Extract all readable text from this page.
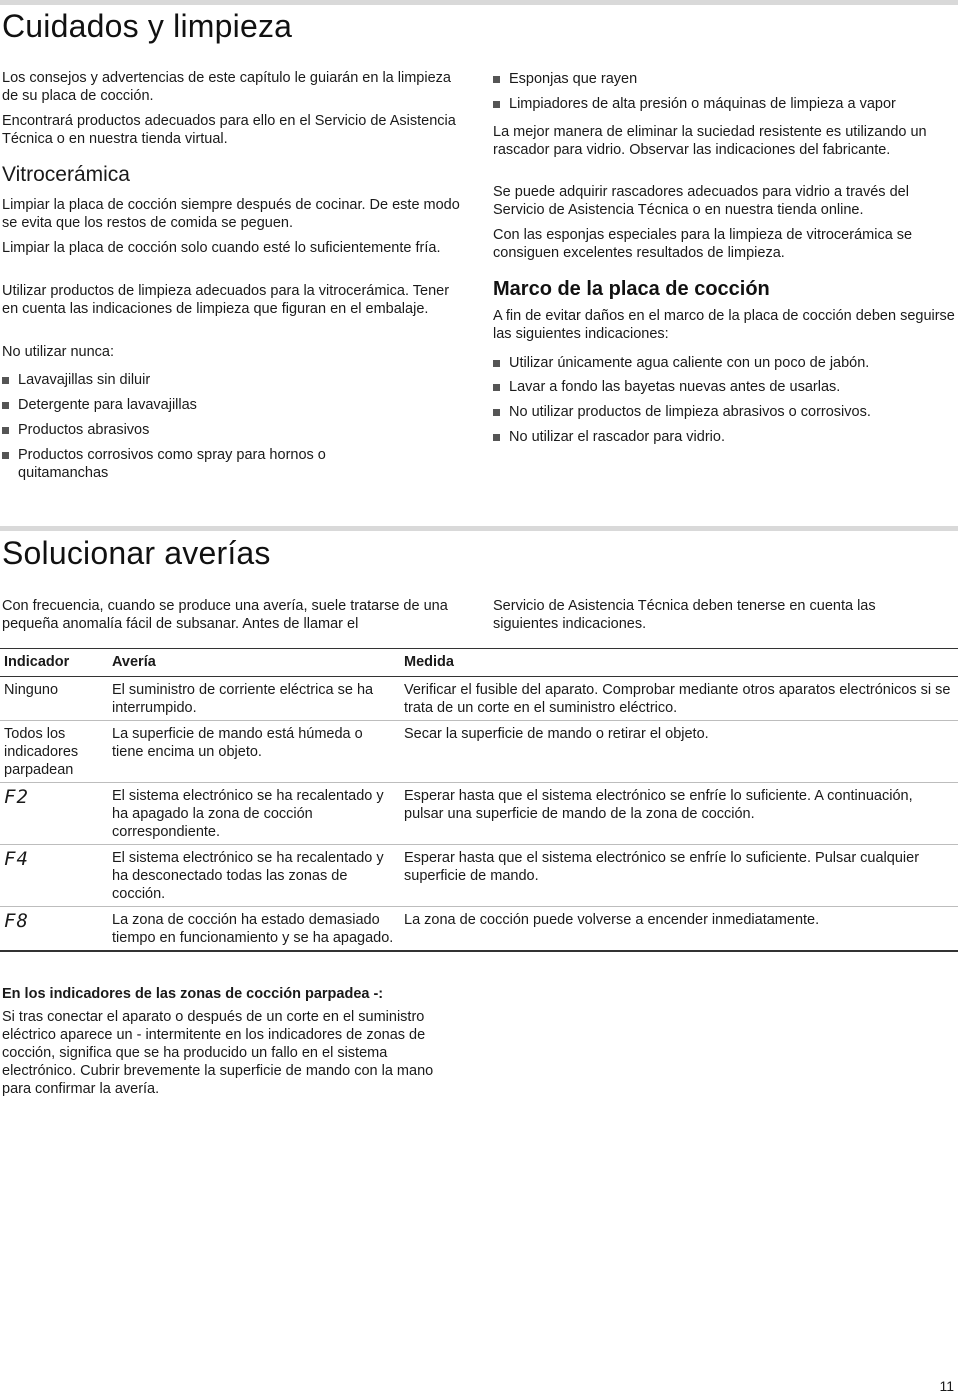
Cuidados y limpieza

Los consejos y advertencias de este capítulo le guiarán en la limpieza de su placa de cocción.

Encontrará productos adecuados para ello en el Servicio de Asistencia Técnica o en nuestra tienda virtual.

Vitrocerámica

Limpiar la placa de cocción siempre después de cocinar. De este modo se evita que los restos de comida se peguen.

Limpiar la placa de cocción solo cuando esté lo suficientemente fría.

Utilizar productos de limpieza adecuados para la vitrocerámica. Tener en cuenta las indicaciones de limpieza que figuran en el embalaje.

No utilizar nunca:

Lavavajillas sin diluir
Detergente para lavavajillas
Productos abrasivos
Productos corrosivos como spray para hornos o quitamanchas
Esponjas que rayen
Limpiadores de alta presión o máquinas de limpieza a vapor

La mejor manera de eliminar la suciedad resistente es utilizando un rascador para vidrio. Observar las indicaciones del fabricante.

Se puede adquirir rascadores adecuados para vidrio a través del Servicio de Asistencia Técnica o en nuestra tienda online.

Con las esponjas especiales para la limpieza de vitrocerámica se consiguen excelentes resultados de limpieza.

Marco de la placa de cocción

A fin de evitar daños en el marco de la placa de cocción deben seguirse las siguientes indicaciones:

Utilizar únicamente agua caliente con un poco de jabón.
Lavar a fondo las bayetas nuevas antes de usarlas.
No utilizar productos de limpieza abrasivos o corrosivos.
No utilizar el rascador para vidrio.
Solucionar averías

Con frecuencia, cuando se produce una avería, suele tratarse de una pequeña anomalía fácil de subsanar. Antes de llamar el

Servicio de Asistencia Técnica deben tenerse en cuenta las siguientes indicaciones.

Indicador	Avería	Medida
Ninguno	El suministro de corriente eléctrica se ha interrumpido.	Verificar el fusible del aparato. Comprobar mediante otros aparatos electrónicos si se trata de un corte en el suministro eléctrico.
Todos los indicadores parpadean	La superficie de mando está húmeda o tiene encima un objeto.	Secar la superficie de mando o retirar el objeto.
F2	El sistema electrónico se ha recalentado y ha apagado la zona de cocción correspondiente.	Esperar hasta que el sistema electrónico se enfríe lo suficiente. A continuación, pulsar una superficie de mando de la zona de cocción.
F4	El sistema electrónico se ha recalentado y ha desconectado todas las zonas de cocción.	Esperar hasta que el sistema electrónico se enfríe lo suficiente. Pulsar cualquier superficie de mando.
F8	La zona de cocción ha estado demasiado tiempo en funcionamiento y se ha apagado.	La zona de cocción puede volverse a encender inmediatamente.

En los indicadores de las zonas de cocción parpadea -:

Si tras conectar el aparato o después de un corte en el suministro eléctrico aparece un - intermitente en los indicadores de zonas de cocción, significa que se ha producido un fallo en el sistema electrónico. Cubrir brevemente la superficie de mando con la mano para confirmar la avería.

11
